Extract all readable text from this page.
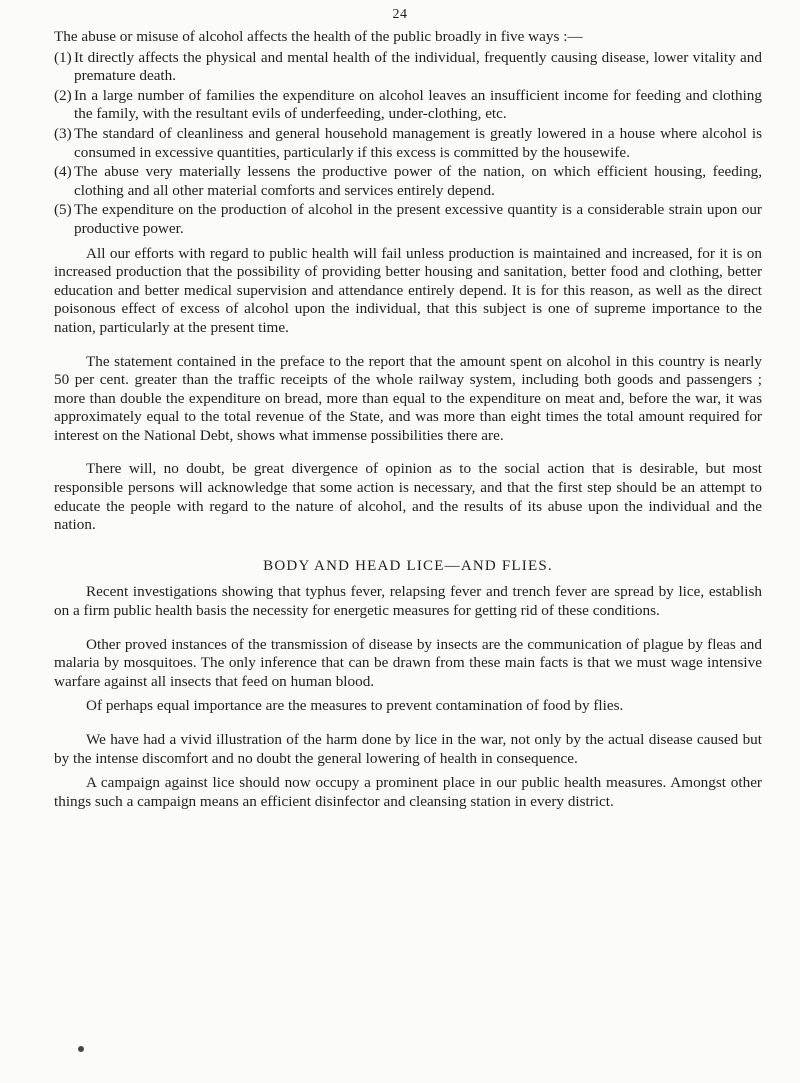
24

The abuse or misuse of alcohol affects the health of the public broadly in five ways :—

(1) It directly affects the physical and mental health of the individual, frequently causing disease, lower vitality and premature death.
(2) In a large number of families the expenditure on alcohol leaves an insufficient income for feeding and clothing the family, with the resultant evils of underfeeding, under-clothing, etc.
(3) The standard of cleanliness and general household management is greatly lowered in a house where alcohol is consumed in excessive quantities, particularly if this excess is committed by the housewife.
(4) The abuse very materially lessens the productive power of the nation, on which efficient housing, feeding, clothing and all other material comforts and services entirely depend.
(5) The expenditure on the production of alcohol in the present excessive quantity is a considerable strain upon our productive power.

All our efforts with regard to public health will fail unless production is maintained and increased, for it is on increased production that the possibility of providing better housing and sanitation, better food and clothing, better education and better medical supervision and attendance entirely depend. It is for this reason, as well as the direct poisonous effect of excess of alcohol upon the individual, that this subject is one of supreme importance to the nation, particularly at the present time.

The statement contained in the preface to the report that the amount spent on alcohol in this country is nearly 50 per cent. greater than the traffic receipts of the whole railway system, including both goods and passengers ; more than double the expenditure on bread, more than equal to the expenditure on meat and, before the war, it was approximately equal to the total revenue of the State, and was more than eight times the total amount required for interest on the National Debt, shows what immense possibilities there are.

There will, no doubt, be great divergence of opinion as to the social action that is desirable, but most responsible persons will acknowledge that some action is necessary, and that the first step should be an attempt to educate the people with regard to the nature of alcohol, and the results of its abuse upon the individual and the nation.

BODY AND HEAD LICE—AND FLIES.

Recent investigations showing that typhus fever, relapsing fever and trench fever are spread by lice, establish on a firm public health basis the necessity for energetic measures for getting rid of these conditions.

Other proved instances of the transmission of disease by insects are the communication of plague by fleas and malaria by mosquitoes. The only inference that can be drawn from these main facts is that we must wage intensive warfare against all insects that feed on human blood.

Of perhaps equal importance are the measures to prevent contamination of food by flies.

We have had a vivid illustration of the harm done by lice in the war, not only by the actual disease caused but by the intense discomfort and no doubt the general lowering of health in consequence.

A campaign against lice should now occupy a prominent place in our public health measures. Amongst other things such a campaign means an efficient disinfector and cleansing station in every district.
